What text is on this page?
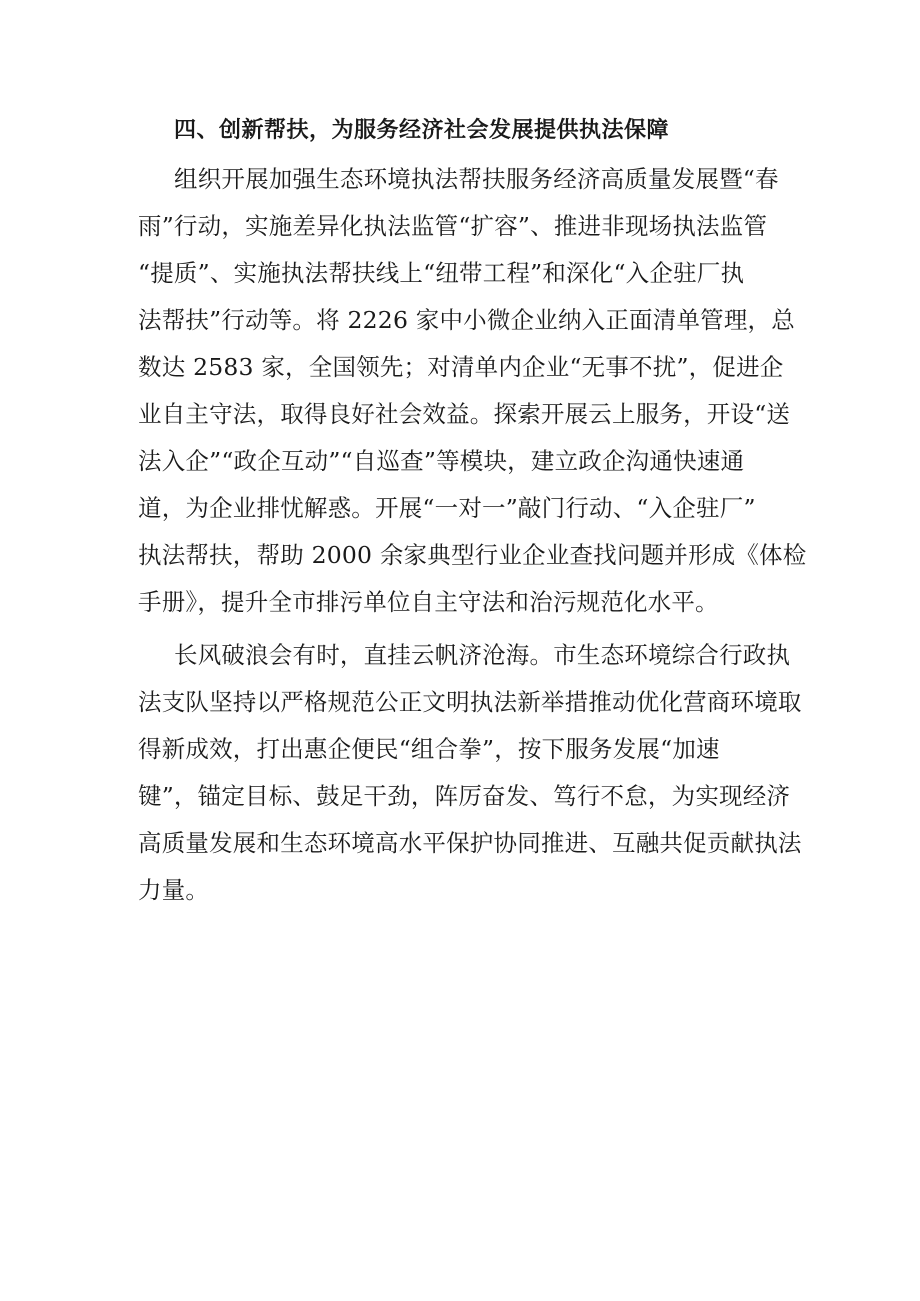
四、创新帮扶，为服务经济社会发展提供执法保障

组织开展加强生态环境执法帮扶服务经济高质量发展暨“春

雨”行动，实施差异化执法监管“扩容”、推进非现场执法监管

“提质”、实施执法帮扶线上“纽带工程”和深化“入企驻厂执

法帮扶”行动等。将 2226 家中小微企业纳入正面清单管理，总

数达 2583 家，全国领先；对清单内企业“无事不扰”，促进企

业自主守法，取得良好社会效益。探索开展云上服务，开设“送

法入企”“政企互动”“自巡查”等模块，建立政企沟通快速通

道，为企业排忧解惑。开展“一对一”敲门行动、“入企驻厂”

执法帮扶，帮助 2000 余家典型行业企业查找问题并形成《体检

手册》，提升全市排污单位自主守法和治污规范化水平。

长风破浪会有时，直挂云帆济沧海。市生态环境综合行政执

法支队坚持以严格规范公正文明执法新举措推动优化营商环境取

得新成效，打出惠企便民“组合拳”，按下服务发展“加速

键”，锚定目标、鼓足干劲，阵厉奋发、笃行不怠，为实现经济

高质量发展和生态环境高水平保护协同推进、互融共促贡献执法

力量。
